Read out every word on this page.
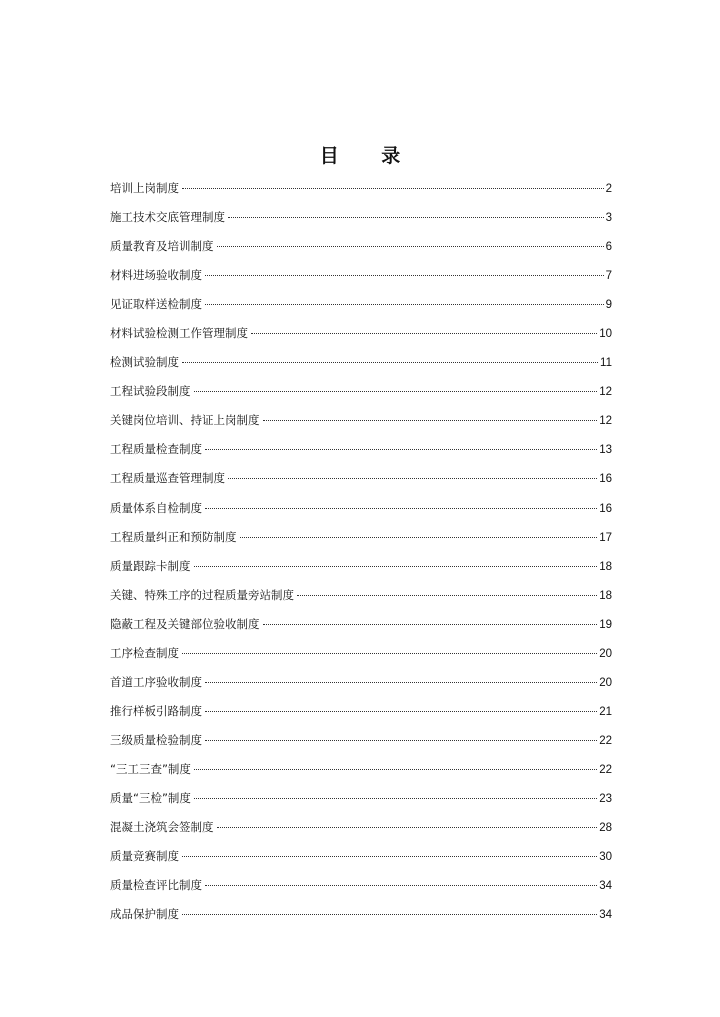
目 录
培训上岗制度	2
施工技术交底管理制度	3
质量教育及培训制度	6
材料进场验收制度	7
见证取样送检制度	9
材料试验检测工作管理制度	10
检测试验制度	11
工程试验段制度	12
关键岗位培训、持证上岗制度	12
工程质量检查制度	13
工程质量巡查管理制度	16
质量体系自检制度	16
工程质量纠正和预防制度	17
质量跟踪卡制度	18
关键、特殊工序的过程质量旁站制度	18
隐蔽工程及关键部位验收制度	19
工序检查制度	20
首道工序验收制度	20
推行样板引路制度	21
三级质量检验制度	22
“三工三查”制度	22
质量“三检”制度	23
混凝土浇筑会签制度	28
质量竞赛制度	30
质量检查评比制度	34
成品保护制度	34
